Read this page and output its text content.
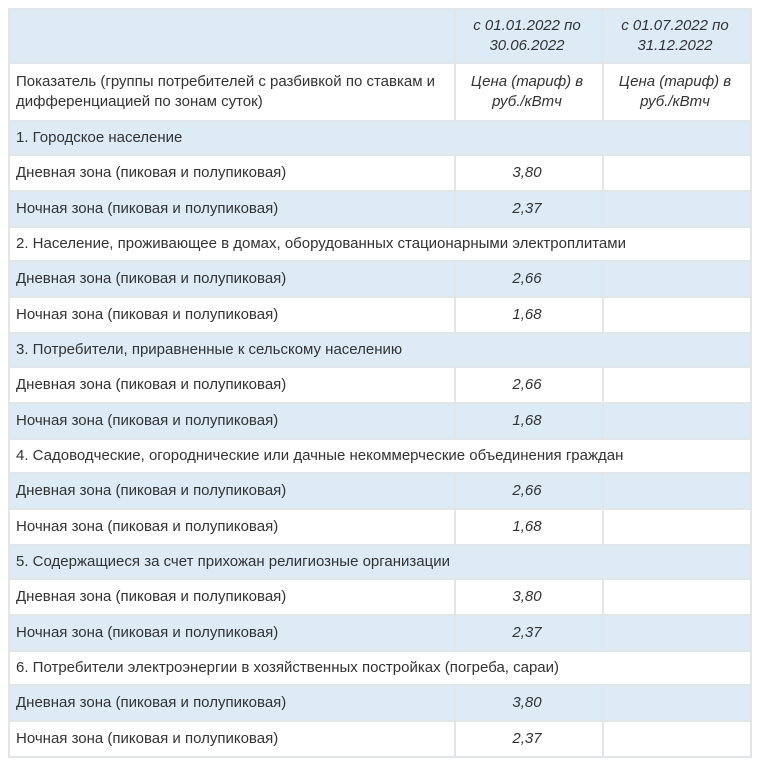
	с 01.01.2022 по 30.06.2022	с 01.07.2022 по 31.12.2022
Показатель (группы потребителей с разбивкой по ставкам и дифференциацией по зонам суток)	Цена (тариф) в руб./кВтч	Цена (тариф) в руб./кВтч
1. Городское население		
Дневная зона (пиковая и полупиковая)	3,80	
Ночная зона (пиковая и полупиковая)	2,37	
2. Население, проживающее в домах, оборудованных стационарными электроплитами		
Дневная зона (пиковая и полупиковая)	2,66	
Ночная зона (пиковая и полупиковая)	1,68	
3. Потребители, приравненные к сельскому населению		
Дневная зона (пиковая и полупиковая)	2,66	
Ночная зона (пиковая и полупиковая)	1,68	
4. Садоводческие, огороднические или дачные некоммерческие объединения граждан		
Дневная зона (пиковая и полупиковая)	2,66	
Ночная зона (пиковая и полупиковая)	1,68	
5. Содержащиеся за счет прихожан религиозные организации		
Дневная зона (пиковая и полупиковая)	3,80	
Ночная зона (пиковая и полупиковая)	2,37	
6. Потребители электроэнергии в хозяйственных постройках (погреба, сараи)		
Дневная зона (пиковая и полупиковая)	3,80	
Ночная зона (пиковая и полупиковая)	2,37	
